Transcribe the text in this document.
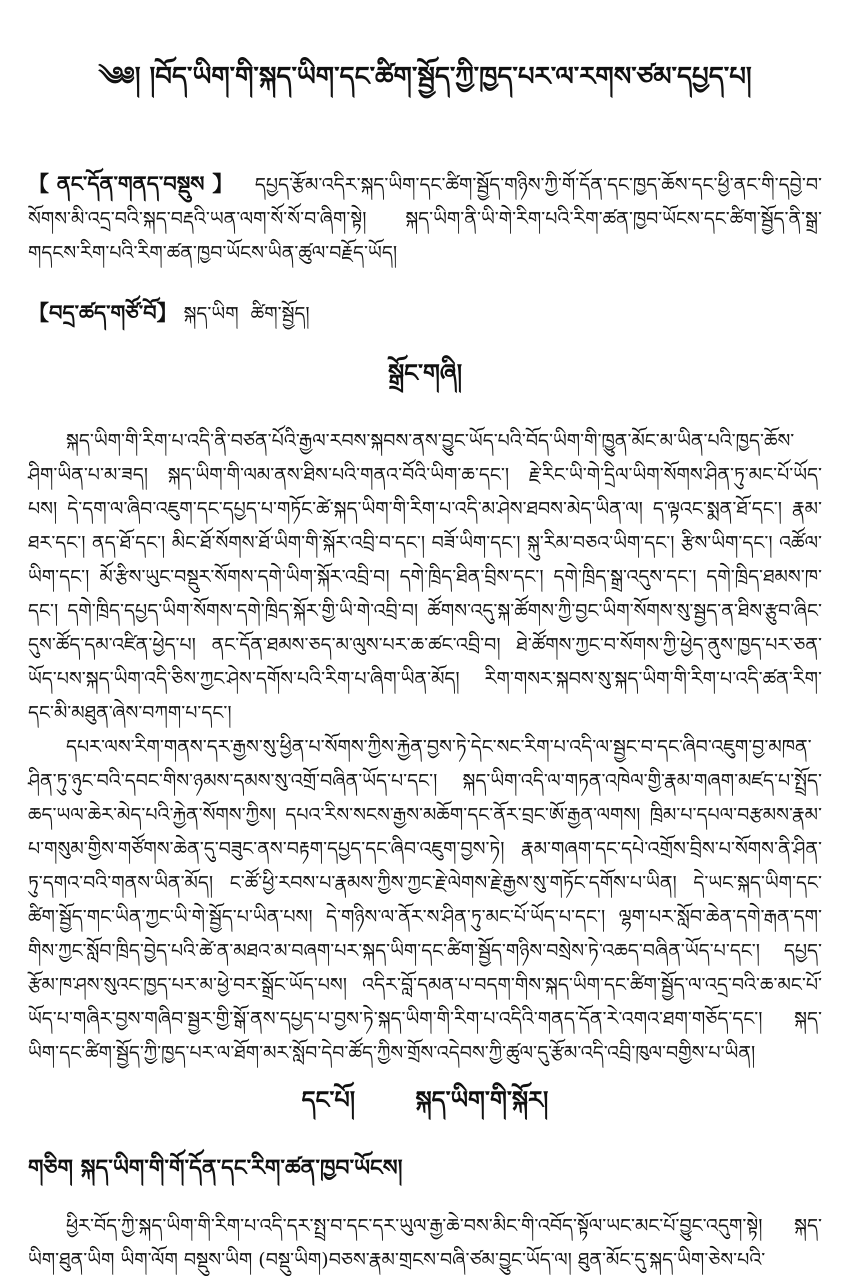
༄༅། །བོད་ཡིག་གི་སྐད་ཡིག་དང་ཚིག་སྦྱོད་ཀྱི་ཁྱད་པར་ལ་རགས་ཙམ་དཔྱད་པ།

【ནང་དོན་གནད་བསྡུས】 དཔྱད་རྩོམ་འདིར་སྐད་ཡིག་དང་ཚིག་སྦྱོད་གཉིས་ཀྱི་གོ་དོན་དང་ཁྱད་ཆོས་དང་ཕྱི་ནང་གི་དབྱེ་བ་སོགས་མི་འདྲ་བའི་སྐད་བརྡའི་ཡན་ལག་སོ་སོ་བ་ཞིག་སྟེ། སྐད་ཡིག་ནི་ཡི་གེ་རིག་པའི་རིག་ཚན་ཁྱབ་ཡོངས་དང་ཚིག་སྦྱོད་ནི་སྒྲ་གདངས་རིག་པའི་རིག་ཚན་ཁྱབ་ཡོངས་ཡིན་ཚུལ་བརྗོད་ཡོད།

【བདྲ་ཚད་གཙོ་བོ】 སྐད་ཡིག ཚིག་སྦྱོད།

སྒྲོང་གཞི།

སྐད་ཡིག་གི་རིག་པ་འདི་ནི་བཙན་པོའི་རྒྱལ་རབས་སྐབས་ནས་བྱུང་ཡོད་པའི་བོད་ཡིག་གི་ཁྱུན་མོང་མ་ཡིན་པའི་ཁྱད་ཆོས་ཤིག་ཡིན་པ་མ་ཟད། སྐད་ཡིག་གི་ལམ་ནས་ཐིས་པའི་གནའ་བོའི་ཡིག་ཆ་དང་། རྗེ་རིང་ཡི་གེ་དྲིལ་ཡིག་སོགས་ཤིན་ཏུ་མང་པོ་ཡོད་པས། དེ་དག་ལ་ཞིབ་འཇུག་དང་དཔྱད་པ་གཏོང་ཚེ་སྐད་ཡིག་གི་རིག་པ་འདི་མ་ཤེས་ཐབས་མེད་ཡིན་ལ། ད་ལྟའང་སྨན་ཐོ་དང་། རྣམ་ཐར་དང་། ནད་ཐོ་དང་། མིང་ཐོ་སོགས་ཐོ་ཡིག་གི་སྐོར་འབྲི་བ་དང་། བཟོ་ཡིག་དང་། སྐུ་རིམ་བཅའ་ཡིག་དང་། རྩིས་ཡིག་དང་། འཚོལ་ཡིག་དང་། མོ་རྩིས་ཡུང་བསྡུར་སོགས་དགེ་ཡིག་སྐོར་འབྲི་བ། དགེ་ཁྲིད་ཐིན་བྲིས་དང་། དགེ་ཁྲིད་སྒྲ་འདུས་དང་། དགེ་ཁྲིད་ཐམས་ཁ་དང་། དགེ་ཁྲིད་དཔྱད་ཡིག་སོགས་དགེ་ཁྲིད་སྐོར་གྱི་ཡི་གེ་འབྲི་བ། ཚོགས་འདུ་སྐ་ཚོགས་ཀྱི་བྱང་ཡིག་སོགས་སུ་སྦྱད་ན་ཐིས་རྩུབ་ཞིང་དུས་ཚོད་དམ་འཛིན་ཕྱེད་པ། ནང་དོན་ཐམས་ཅད་མ་ལུས་པར་ཆ་ཚང་འབྲི་བ། ཐེ་ཚོགས་ཀྱང་བ་སོགས་ཀྱི་ཕྱེད་ནུས་ཁྱད་པར་ཅན་ཡོད་པས་སྐད་ཡིག་འདི་ཅིས་ཀྱང་ཤེས་དགོས་པའི་རིག་པ་ཞིག་ཡིན་མོད། རིག་གསར་སྐབས་སུ་སྐད་ཡིག་གི་རིག་པ་འདི་ཚན་རིག་དང་མི་མཐུན་ཞེས་བཀག་པ་དང་།

དཔར་ལས་རིག་གནས་དར་རྒྱས་སུ་ཕྱིན་པ་སོགས་ཀྱིས་རྐྱེན་བྱས་ཏེ་དེང་སང་རིག་པ་འདི་ལ་སྦྱང་བ་དང་ཞིབ་འཇུག་བྱ་མཁན་ཤིན་ཏུ་ཉུང་བའི་དབང་གིས་ཉམས་དམས་སུ་འགྲོ་བཞིན་ཡོད་པ་དང་། སྐད་ཡིག་འདི་ལ་གཏན་འཁེལ་གྱི་རྣམ་གཞག་མཛད་པ་སྤྲོད་ཆད་ཡལ་ཆེར་མེད་པའི་རྐྱེན་སོགས་ཀྱིས། དཔའ་རིས་སངས་རྒྱས་མཆོག་དང་ནོར་བྲང་ཨོ་རྒྱན་ལགས། ཁྲིམ་པ་དཔལ་བརྩམས་རྣམ་པ་གསུམ་གྱིས་གཙོགས་ཆེན་དུ་བཟུང་ནས་བརྟག་དཔྱད་དང་ཞིབ་འཇུག་བྱས་ཏེ། རྣམ་གཞག་དང་དཔེ་འགྲོས་བྲིས་པ་སོགས་ནི་ཤིན་ཏུ་དགའ་བའི་གནས་ཡིན་མོད། ང་ཚོ་ཕྱི་རབས་པ་རྣམས་ཀྱིས་ཀྱང་རྗེ་ལེགས་རྗེ་རྒྱས་སུ་གཏོང་དགོས་པ་ཡིན། དེ་ཡང་སྐད་ཡིག་དང་ཚིག་སྦྱོད་གང་ཡིན་ཀྱང་ཡི་གེ་སྦྱོད་པ་ཡིན་པས། དེ་གཉིས་ལ་ནོར་ས་ཤིན་ཏུ་མང་པོ་ཡོད་པ་དང་། ལྷག་པར་སློབ་ཆེན་དགེ་རྒན་དག་གིས་ཀྱང་སློབ་ཁྲིད་བྱེད་པའི་ཚེ་ན་མཐའ་མ་བཞག་པར་སྐད་ཡིག་དང་ཚིག་སྦྱོད་གཉིས་བསྲེས་ཏེ་འཆད་བཞིན་ཡོད་པ་དང་། དཔྱད་རྩོམ་ཁ་ཤས་སུའང་ཁྱད་པར་མ་ཕྱེ་བར་སྒྲོང་ཡོད་པས། འདིར་བློ་དམན་པ་བདག་གིས་སྐད་ཡིག་དང་ཚིག་སྦྱོད་ལ་འདྲ་བའི་ཆ་མང་པོ་ཡོད་པ་གཞིར་བྱས་གཞིབ་སྦྱར་གྱི་སྒོ་ནས་དཔྱད་པ་བྱས་ཏེ་སྐད་ཡིག་གི་རིག་པ་འདིའི་གནད་དོན་རེ་འགའ་ཐག་གཅོད་དང་། སྐད་ཡིག་དང་ཚིག་སྦྱོད་ཀྱི་ཁྱད་པར་ལ་ཐོག་མར་སློབ་དེབ་ཚོད་ཀྱིས་གྲོས་འདེབས་ཀྱི་ཚུལ་དུ་རྩོམ་འདི་འབྲི་ཁུལ་བགྱིས་པ་ཡིན།

དང་པོ།	སྐད་ཡིག་གི་སྐོར།
གཅིག སྐད་ཡིག་གི་གོ་དོན་དང་རིག་ཚན་ཁྱབ་ཡོངས།

ཕྱིར་བོད་ཀྱི་སྐད་ཡིག་གི་རིག་པ་འདི་དར་སྤྲ་བ་དང་དར་ཡུལ་རྒྱ་ཆེ་བས་མིང་གི་འབོད་སྟོལ་ཡང་མང་པོ་བྱུང་འདུག་སྟེ། སྐད་ཡིག་ཐུན་ཡིག ཡིག་ལོག བསྡུས་ཡིག (བསྡུ་ཡིག)བཅས་རྣམ་གྲངས་བཞི་ཙམ་བྱུང་ཡོད་ལ། ཐུན་མོང་དུ་སྐད་ཡིག་ཅེས་པའི་
